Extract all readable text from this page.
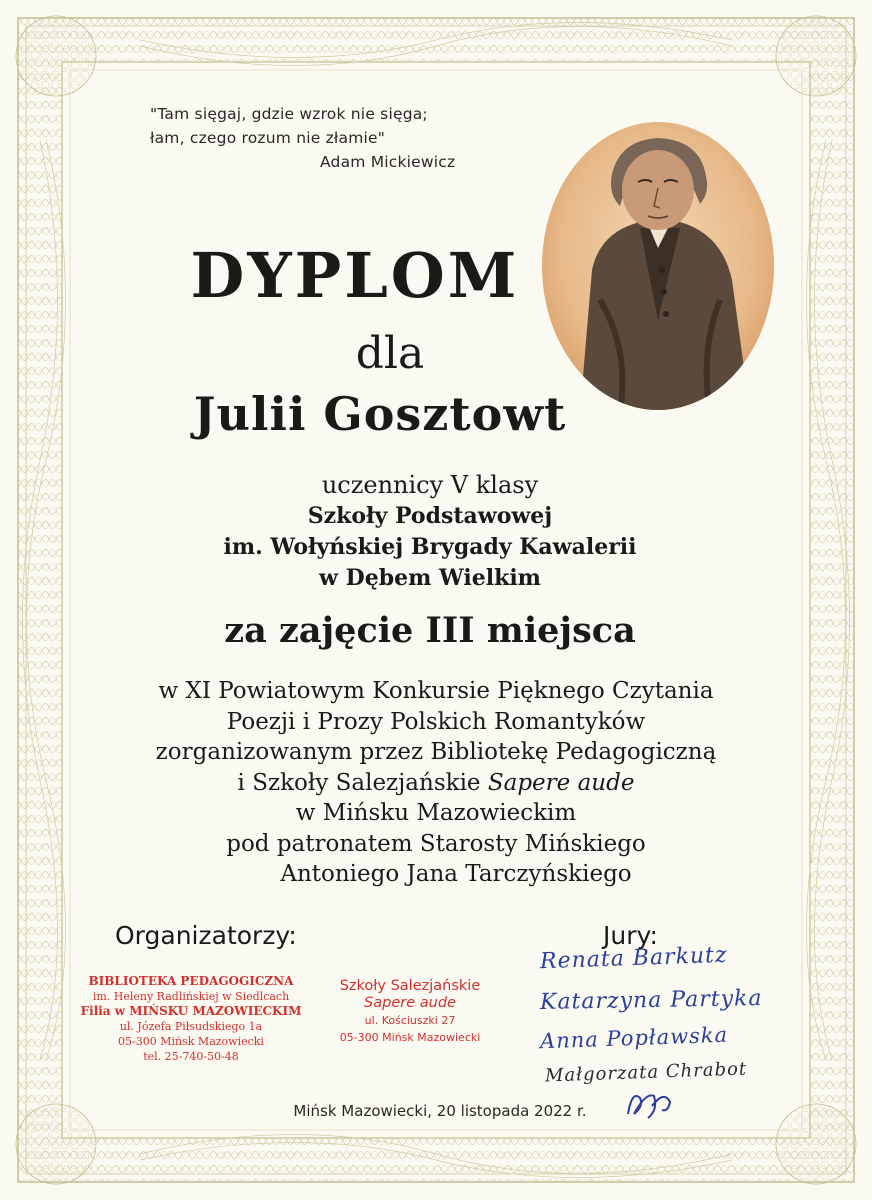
"Tam sięgaj, gdzie wzrok nie sięga;
łam, czego rozum nie złamie"
Adam Mickiewicz
DYPLOM
dla
Julii Gosztowt
uczennicy V klasy
Szkoły Podstawowej
im. Wołyńskiej Brygady Kawalerii
w Dębem Wielkim
za zajęcie III miejsca
w XI Powiatowym Konkursie Pięknego Czytania
Poezji i Prozy Polskich Romantyków
zorganizowanym przez Bibliotekę Pedagogiczną
i Szkoły Salezjańskie Sapere aude
w Mińsku Mazowieckim
pod patronatem Starosty Mińskiego
Antoniego Jana Tarczyńskiego
Organizatorzy:
BIBLIOTEKA PEDAGOGICZNA
im. Heleny Radlińskiej w Siedlcach
Filia w MIŃSKU MAZOWIECKIM
ul. Józefa Piłsudskiego 1a
05-300 Mińsk Mazowiecki
tel. 25-740-50-48
Szkoły Salezjańskie
Sapere aude
ul. Kościuszki 27
05-300 Mińsk Mazowiecki
Jury:
Renata Barkutz
Katarzyna Partyka
Anna Popławska
Małgorzata Chrabot
Mińsk Mazowiecki, 20 listopada 2022 r.
